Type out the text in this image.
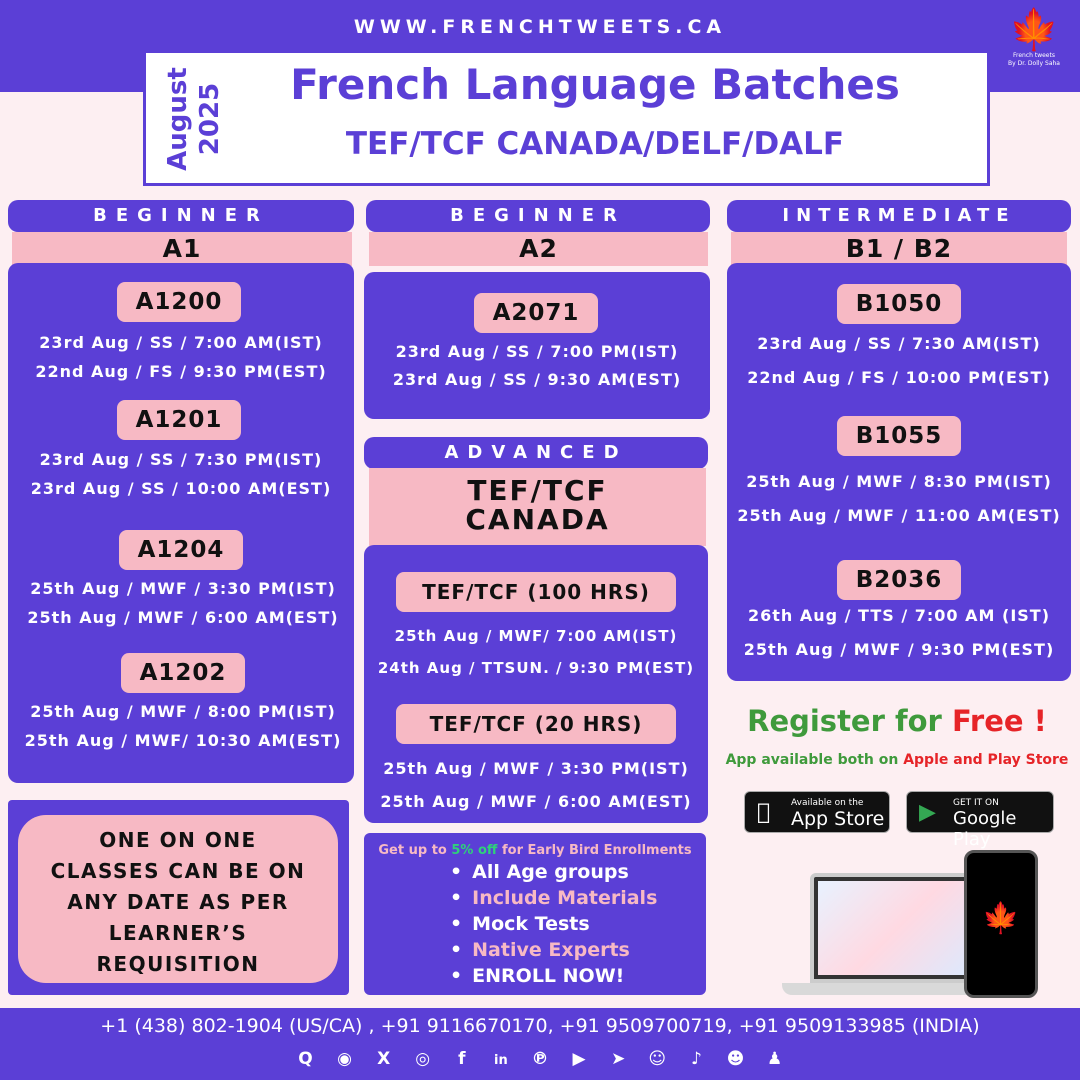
WWW.FRENCHTWEETS.CA	🍁
French tweets
By Dr. Dolly Saha
August 2025	French Language Batches
TEF/TCF CANADA/DELF/DALF
BEGINNER
A1
A1200
23rd Aug / SS / 7:00 AM(IST)
22nd Aug / FS / 9:30 PM(EST)
A1201
23rd Aug / SS / 7:30 PM(IST)
23rd Aug / SS / 10:00 AM(EST)
A1204
25th Aug / MWF / 3:30 PM(IST)
25th Aug / MWF / 6:00 AM(EST)
A1202
25th Aug / MWF / 8:00 PM(IST)
25th Aug / MWF/ 10:30 AM(EST)
ONE ON ONE
CLASSES CAN BE ON
ANY DATE AS PER
LEARNER’S
REQUISITION
BEGINNER
A2
A2071
23rd Aug / SS / 7:00 PM(IST)
23rd Aug / SS / 9:30 AM(EST)
ADVANCED
TEF/TCF
CANADA
TEF/TCF (100 HRS)
25th Aug / MWF/ 7:00 AM(IST)
24th Aug / TTSUN. / 9:30 PM(EST)
TEF/TCF (20 HRS)
25th Aug / MWF / 3:30 PM(IST)
25th Aug / MWF / 6:00 AM(EST)
Get up to 5% off for Early Bird Enrollments
• All Age groups
• Include Materials
• Mock Tests
• Native Experts
• ENROLL NOW!
INTERMEDIATE
B1 / B2
B1050
23rd Aug / SS / 7:30 AM(IST)
22nd Aug / FS / 10:00 PM(EST)
B1055
25th Aug / MWF / 8:30 PM(IST)
25th Aug / MWF / 11:00 AM(EST)
B2036
26th Aug / TTS / 7:00 AM (IST)
25th Aug / MWF / 9:30 PM(EST)
Register for Free !
App available both on Apple and Play Store
Available on the
App Store ▶ GET IT ON
Google Play
🍁
+1 (438) 802-1904 (US/CA) , +91 9116670170, +91 9509700719, +91 9509133985 (INDIA)
Q ◉ X ◎ f in ℗ ▶ ➤ ☺ ♪ ☻ ♟
